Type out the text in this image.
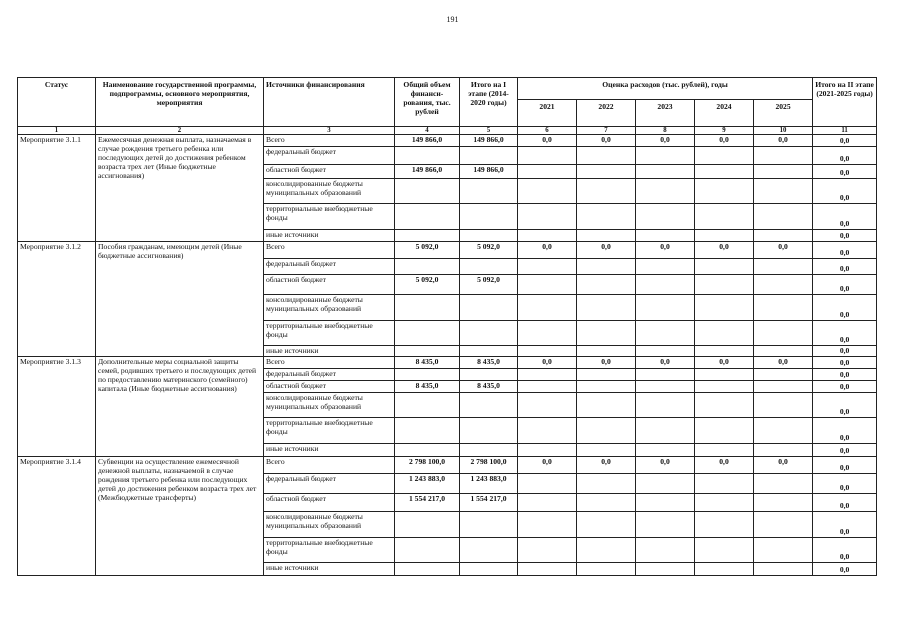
191
Статус	Наименование государственной программы, подпрограммы, основного мероприятия, мероприятия	Источники финансирования	Общий объем финанси-рования, тыс. рублей	Итого на I этапе (2014-2020 годы)	Оценка расходов (тыс. рублей), годы					Итого на II этапе (2021-2025 годы)
					2021	2022	2023	2024	2025	
1	2	3	4	5	6	7	8	9	10	11
Мероприятие 3.1.1	Ежемесячная денежная выплата, назначаемая в случае рождения третьего ребенка или последующих детей до достижения ребенком возраста трех лет (Иные бюджетные ассигнования)	Всего	149 866,0	149 866,0	0,0	0,0	0,0	0,0	0,0	0,0
		федеральный бюджет								0,0
		областной бюджет	149 866,0	149 866,0						0,0
		консолидированные бюджеты муниципальных образований								0,0
		территориальные внебюджетные фонды								0,0
		иные источники								0,0
Мероприятие 3.1.2	Пособия гражданам, имеющим детей (Иные бюджетные ассигнования)	Всего	5 092,0	5 092,0	0,0	0,0	0,0	0,0	0,0	0,0
		федеральный бюджет								0,0
		областной бюджет	5 092,0	5 092,0						0,0
		консолидированные бюджеты муниципальных образований								0,0
		территориальные внебюджетные фонды								0,0
		иные источники								0,0
Мероприятие 3.1.3	Дополнительные меры социальной защиты семей, родивших третьего и последующих детей по предоставлению материнского (семейного) капитала (Иные бюджетные ассигнования)	Всего	8 435,0	8 435,0	0,0	0,0	0,0	0,0	0,0	0,0
		федеральный бюджет								0,0
		областной бюджет	8 435,0	8 435,0						0,0
		консолидированные бюджеты муниципальных образований								0,0
		территориальные внебюджетные фонды								0,0
		иные источники								0,0
Мероприятие 3.1.4	Субвенции на осуществление ежемесячной денежной выплаты, назначаемой в случае рождения третьего ребенка или последующих детей до достижения ребенком возраста трех лет (Межбюджетные трансферты)	Всего	2 798 100,0	2 798 100,0	0,0	0,0	0,0	0,0	0,0	0,0
		федеральный бюджет	1 243 883,0	1 243 883,0						0,0
		областной бюджет	1 554 217,0	1 554 217,0						0,0
		консолидированные бюджеты муниципальных образований								0,0
		территориальные внебюджетные фонды								0,0
		иные источники								0,0
